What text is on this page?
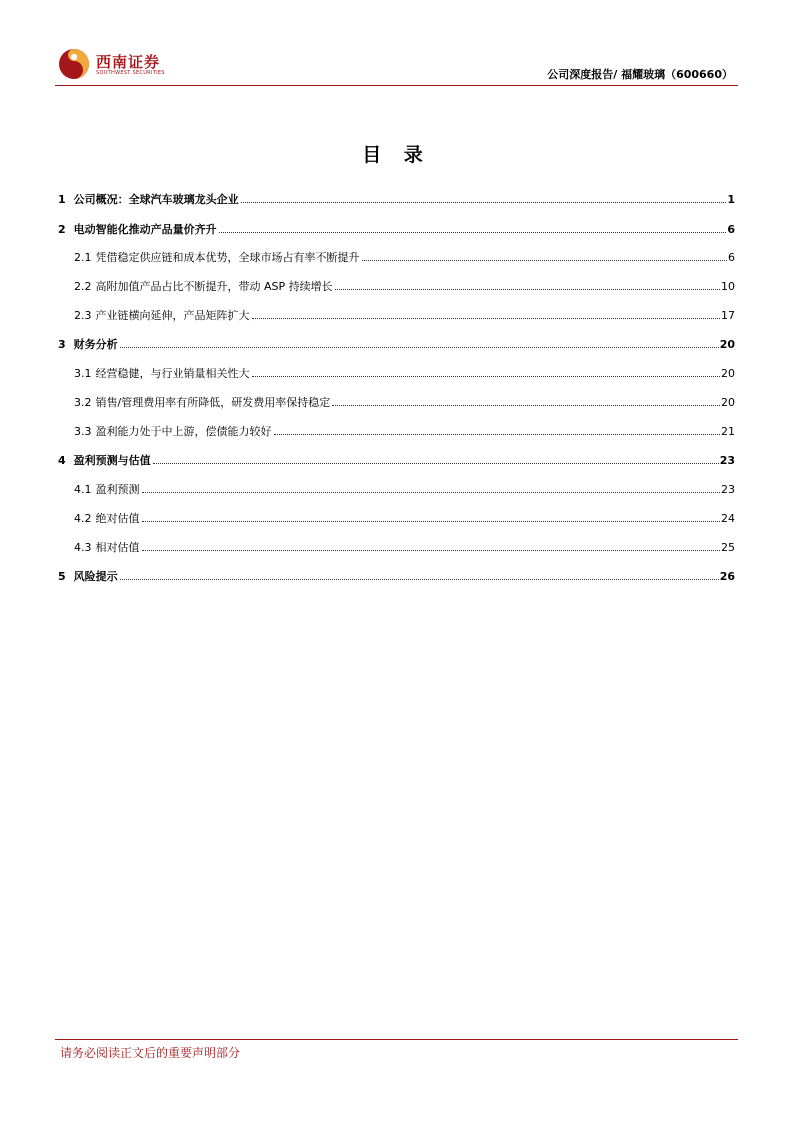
西南证券
SOUTHWEST SECURITIES	公司深度报告/ 福耀玻璃（600660）
目 录
1 公司概况：全球汽车玻璃龙头企业	1
2 电动智能化推动产品量价齐升	6
2.1 凭借稳定供应链和成本优势，全球市场占有率不断提升	6
2.2 高附加值产品占比不断提升，带动 ASP 持续增长	10
2.3 产业链横向延伸，产品矩阵扩大	17
3 财务分析	20
3.1 经营稳健，与行业销量相关性大	20
3.2 销售/管理费用率有所降低，研发费用率保持稳定	20
3.3 盈利能力处于中上游，偿债能力较好	21
4 盈利预测与估值	23
4.1 盈利预测	23
4.2 绝对估值	24
4.3 相对估值	25
5 风险提示	26
请务必阅读正文后的重要声明部分
